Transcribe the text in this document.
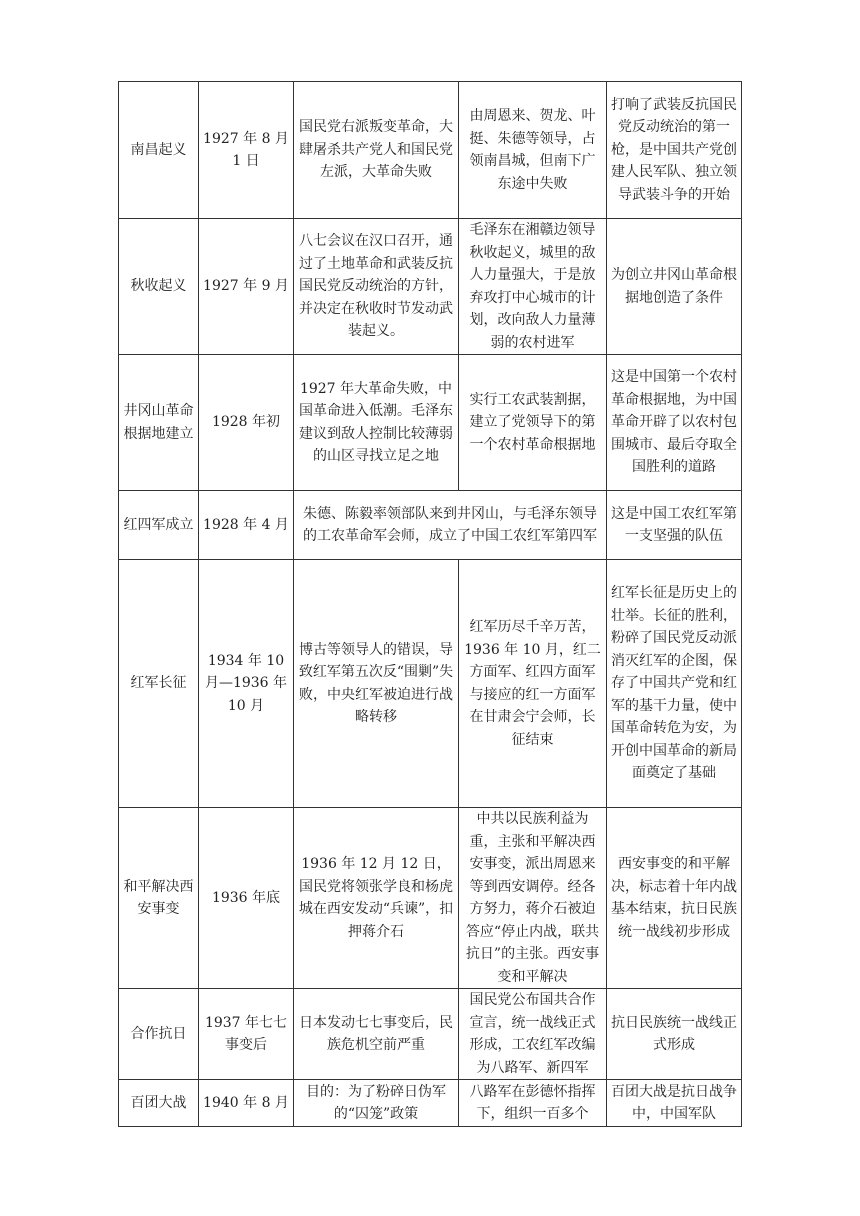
南昌起义	1927 年 8 月 1 日	国民党右派叛变革命，大肆屠杀共产党人和国民党左派，大革命失败	由周恩来、贺龙、叶挺、朱德等领导，占领南昌城，但南下广东途中失败	打响了武装反抗国民党反动统治的第一枪，是中国共产党创建人民军队、独立领导武装斗争的开始
秋收起义	1927 年 9 月	八七会议在汉口召开，通过了土地革命和武装反抗国民党反动统治的方针，并决定在秋收时节发动武装起义。	毛泽东在湘赣边领导秋收起义，城里的敌人力量强大，于是放弃攻打中心城市的计划，改向敌人力量薄弱的农村进军	为创立井冈山革命根据地创造了条件
井冈山革命根据地建立	1928 年初	1927 年大革命失败，中国革命进入低潮。毛泽东建议到敌人控制比较薄弱的山区寻找立足之地	实行工农武装割据，建立了党领导下的第一个农村革命根据地	这是中国第一个农村革命根据地，为中国革命开辟了以农村包围城市、最后夺取全国胜利的道路
红四军成立	1928 年 4 月	朱德、陈毅率领部队来到井冈山，与毛泽东领导的工农革命军会师，成立了中国工农红军第四军		这是中国工农红军第一支坚强的队伍
红军长征	1934 年 10 月—1936 年 10 月	博古等领导人的错误，导致红军第五次反“围剿”失败，中央红军被迫进行战略转移	红军历尽千辛万苦，1936 年 10 月，红二方面军、红四方面军与接应的红一方面军在甘肃会宁会师，长征结束	红军长征是历史上的壮举。长征的胜利，粉碎了国民党反动派消灭红军的企图，保存了中国共产党和红军的基干力量，使中国革命转危为安，为开创中国革命的新局面奠定了基础
和平解决西安事变	1936 年底	1936 年 12 月 12 日，国民党将领张学良和杨虎城在西安发动“兵谏”，扣押蒋介石	中共以民族利益为重，主张和平解决西安事变，派出周恩来等到西安调停。经各方努力，蒋介石被迫答应“停止内战，联共抗日”的主张。西安事变和平解决	西安事变的和平解决，标志着十年内战基本结束，抗日民族统一战线初步形成
合作抗日	1937 年七七事变后	日本发动七七事变后，民族危机空前严重	国民党公布国共合作宣言，统一战线正式形成，工农红军改编为八路军、新四军	抗日民族统一战线正式形成
百团大战	1940 年 8 月	目的：为了粉碎日伪军的“囚笼”政策	八路军在彭德怀指挥下，组织一百多个	百团大战是抗日战争中，中国军队
